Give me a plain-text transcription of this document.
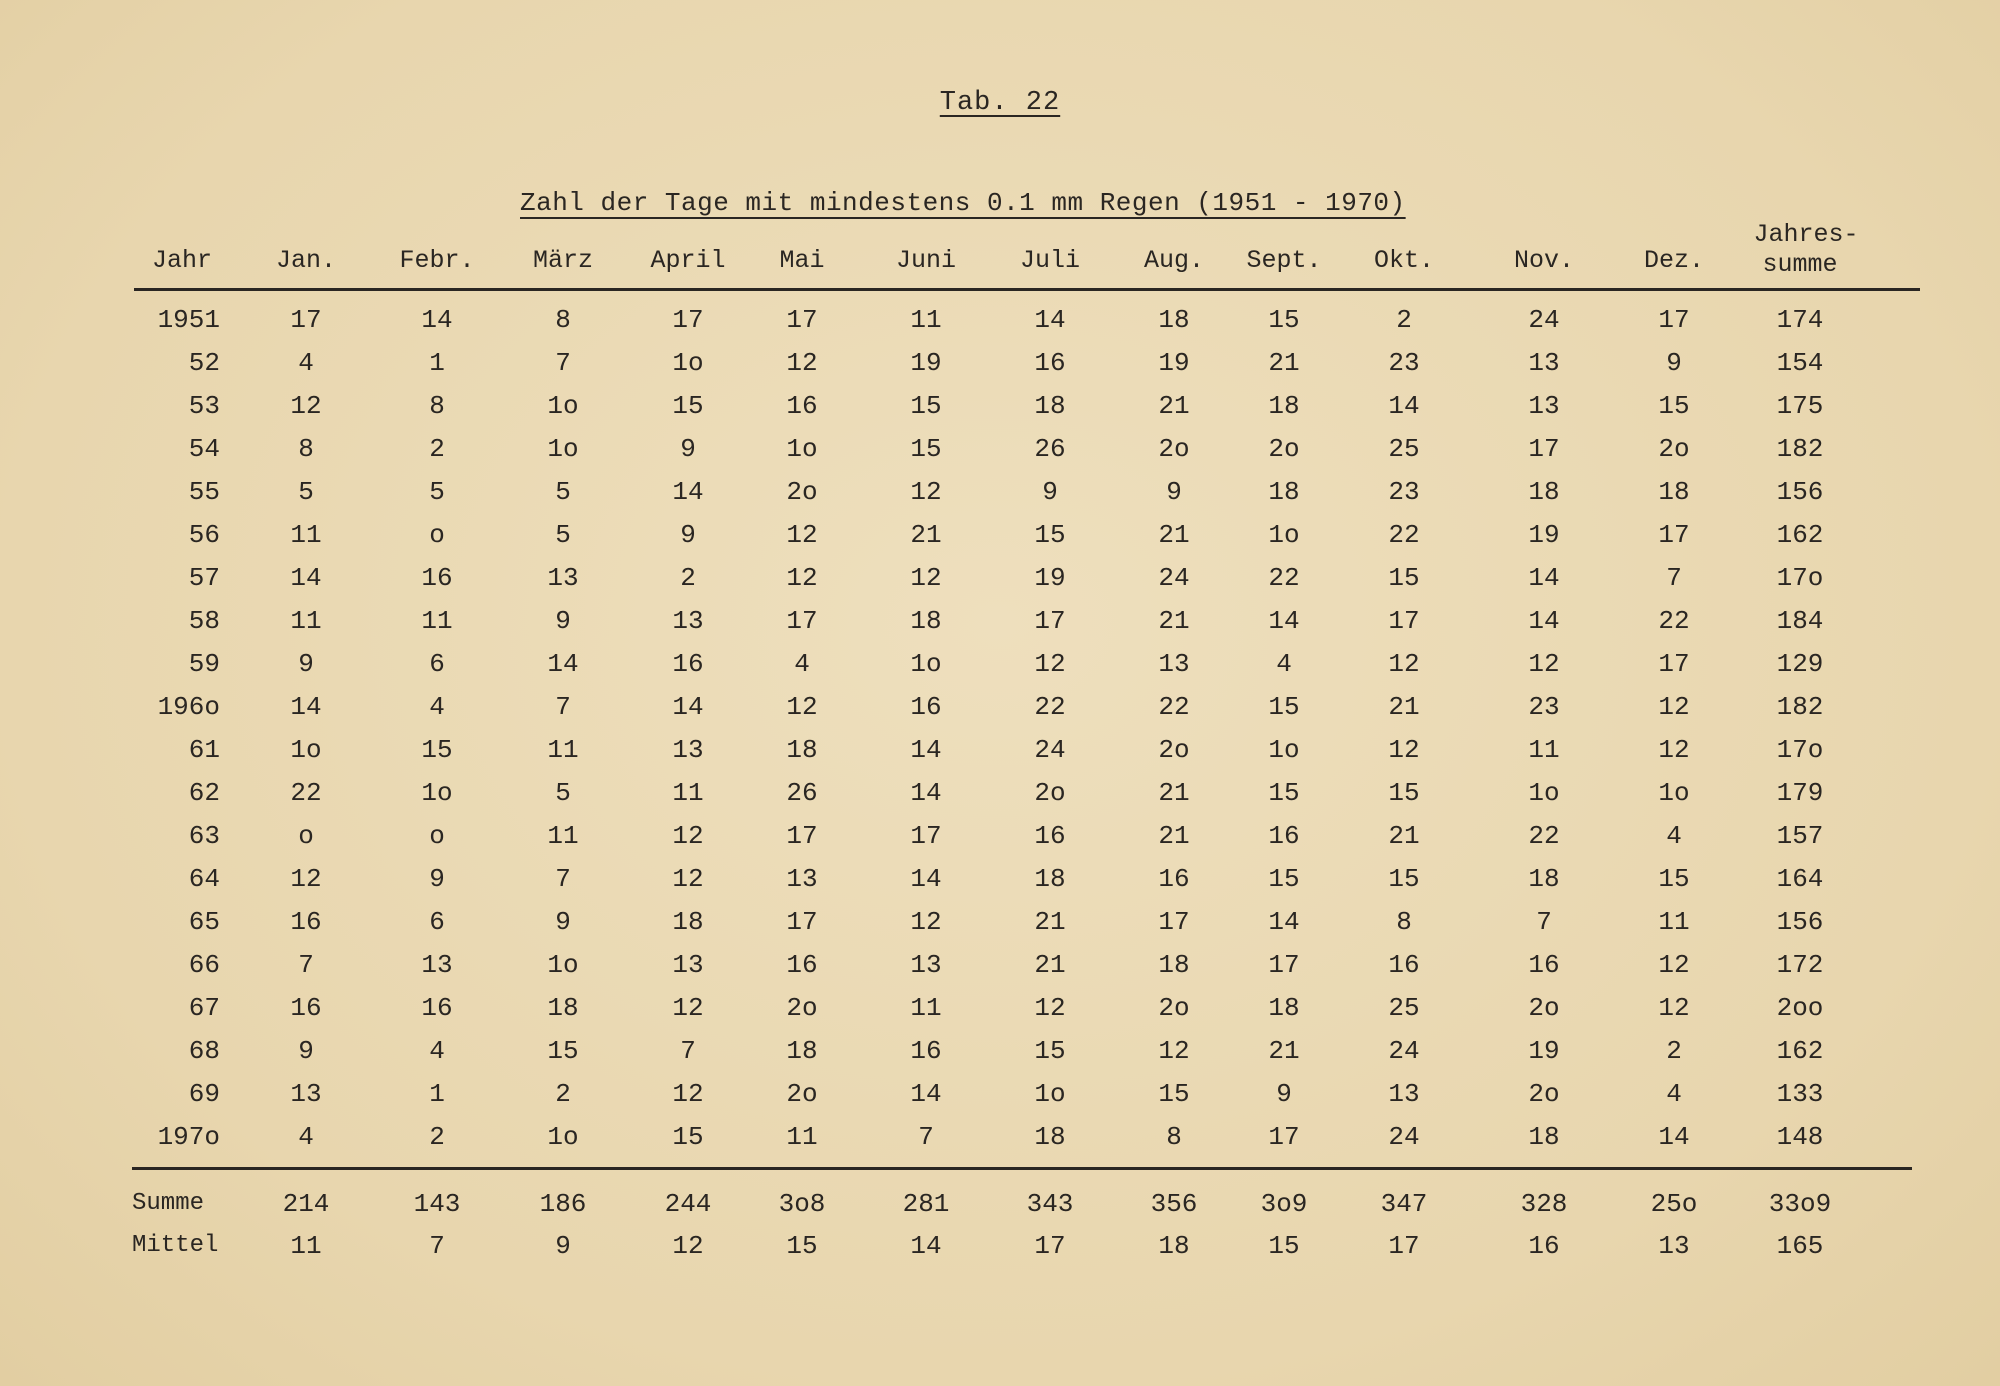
Tab. 22
Zahl der Tage mit mindestens 0.1 mm Regen (1951 - 1970)
Jahr	Jan.	Febr. März April Mai	Juni	Juli	Aug. Sept. Okt.	Nov.	Dez.
Jahres-
summe
1951	17	14	8	17	17	11	14	18	15	2	24	17	174
52	4	1	7	1o	12	19	16	19	21	23	13	9	154
53	12	8	1o	15	16	15	18	21	18	14	13	15	175
54	8	2	1o	9	1o	15	26	2o	2o	25	17	2o	182
55	5	5	5	14	2o	12	9	9	18	23	18	18	156
56	11	o	5	9	12	21	15	21	1o	22	19	17	162
57	14	16	13	2	12	12	19	24	22	15	14	7	17o
58	11	11	9	13	17	18	17	21	14	17	14	22	184
59	9	6	14	16	4	1o	12	13	4	12	12	17	129
196o	14	4	7	14	12	16	22	22	15	21	23	12	182
61	1o	15	11	13	18	14	24	2o	1o	12	11	12	17o
62	22	1o	5	11	26	14	2o	21	15	15	1o	1o	179
63	o	o	11	12	17	17	16	21	16	21	22	4	157
64	12	9	7	12	13	14	18	16	15	15	18	15	164
65	16	6	9	18	17	12	21	17	14	8	7	11	156
66	7	13	1o	13	16	13	21	18	17	16	16	12	172
67	16	16	18	12	2o	11	12	2o	18	25	2o	12	2oo
68	9	4	15	7	18	16	15	12	21	24	19	2	162
69	13	1	2	12	2o	14	1o	15	9	13	2o	4	133
197o	4	2	1o	15	11	7	18	8	17	24	18	14	148
Summe	214	143	186	244	3o8	281	343	356 3o9	347	328	25o	33o9
Mittel	11	7	9	12	15	14	17	18	15	17	16	13	165
